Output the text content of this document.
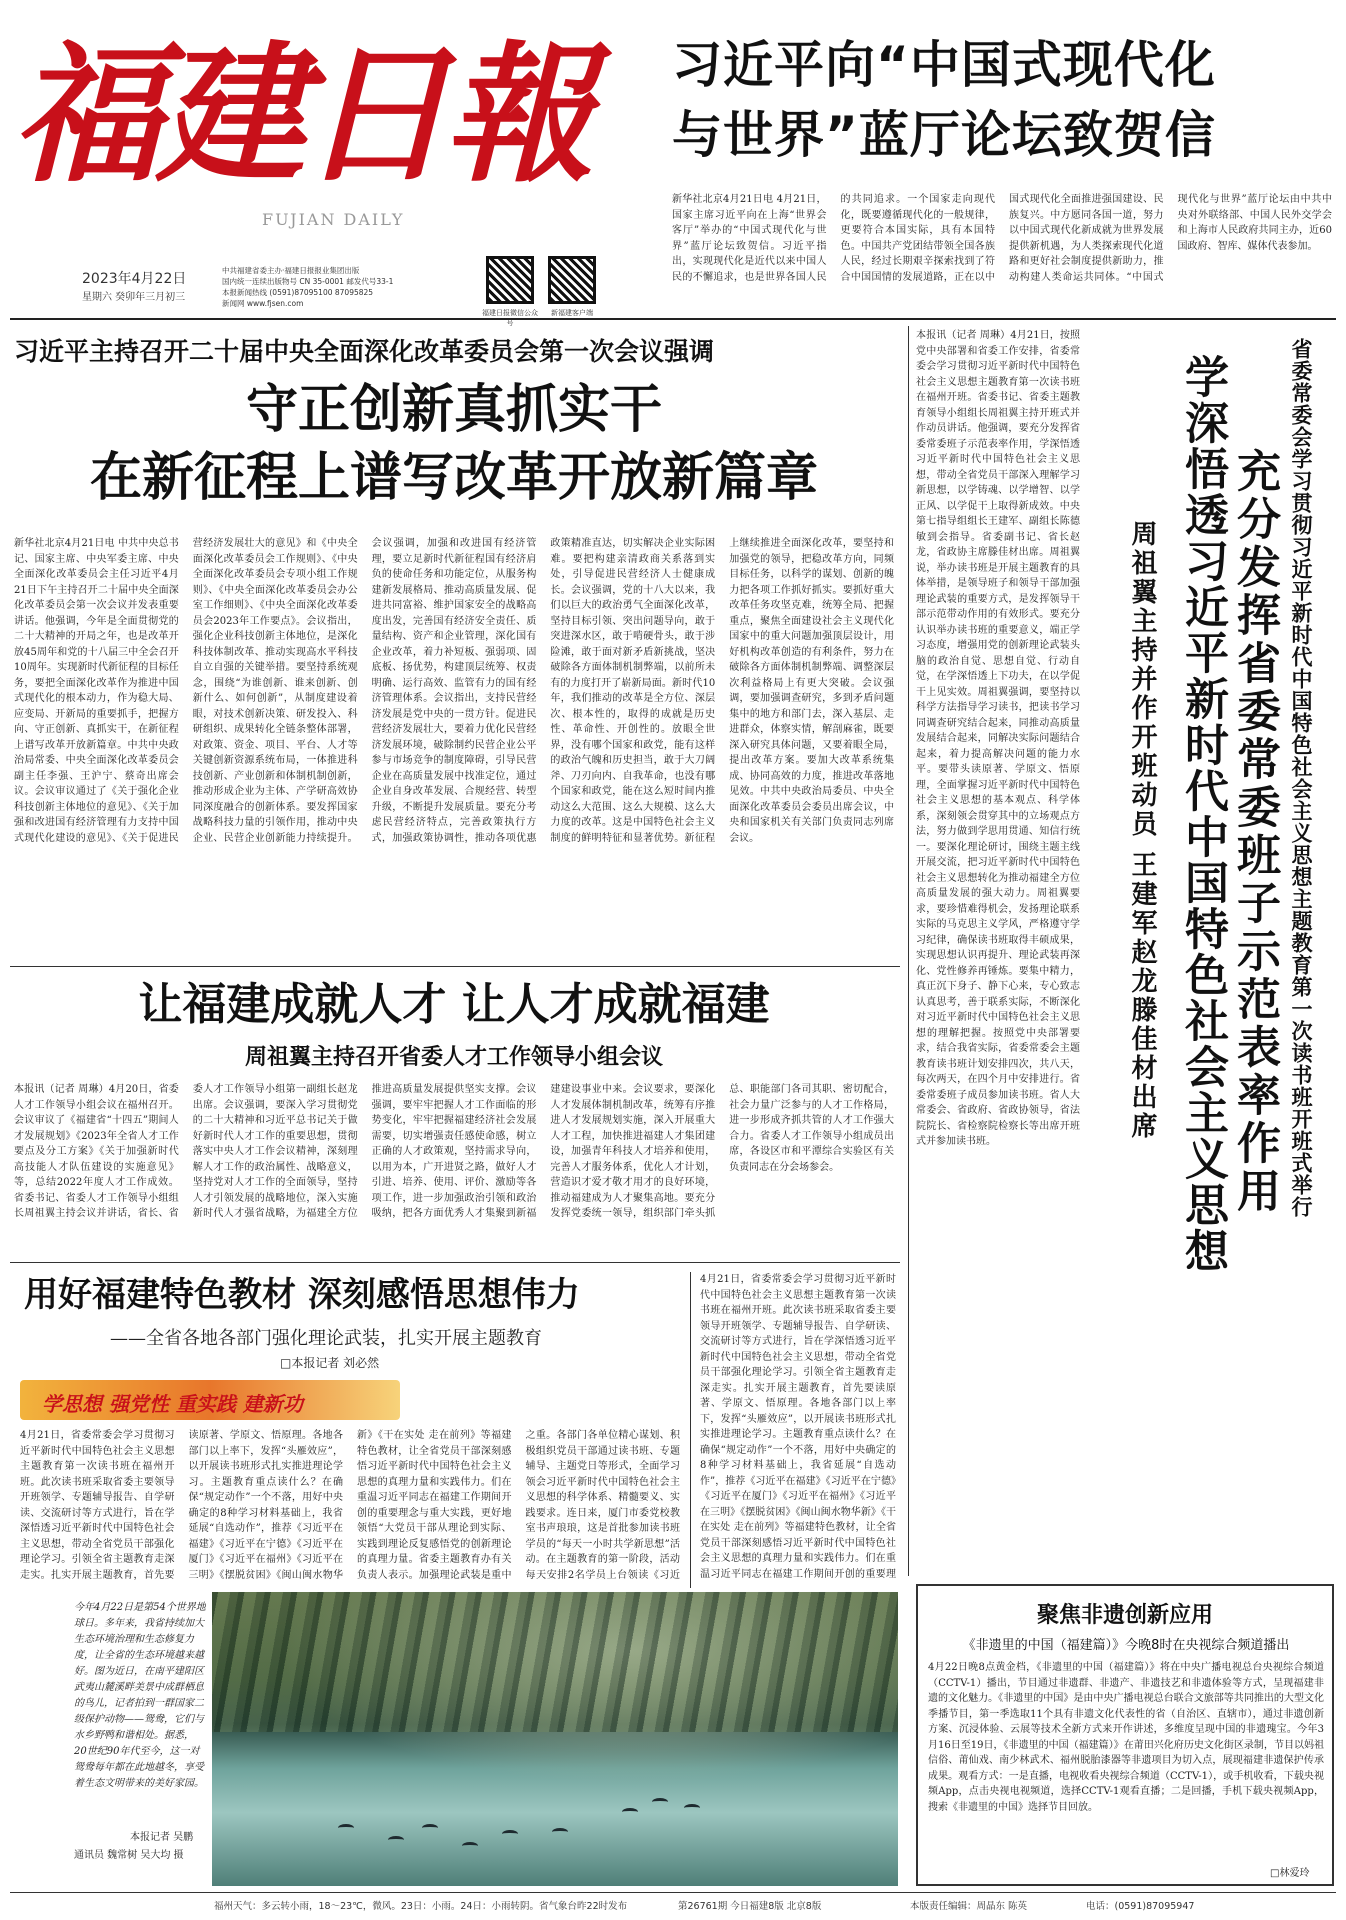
福建日報
FUJIAN DAILY
2023年4月22日
星期六 癸卯年三月初三
中共福建省委主办·福建日报报业集团出版
国内统一连续出版物号 CN 35-0001 邮发代号33-1
本报新闻热线 (0591)87095100 87095825
新闻网 www.fjsen.com
福建日报微信公众号
新福建客户端
习近平向“中国式现代化
与世界”蓝厅论坛致贺信
新华社北京4月21日电 4月21日，国家主席习近平向在上海“世界会客厅”举办的“中国式现代化与世界”蓝厅论坛致贺信。习近平指出，实现现代化是近代以来中国人民的不懈追求，也是世界各国人民的共同追求。一个国家走向现代化，既要遵循现代化的一般规律，更要符合本国实际，具有本国特色。中国共产党团结带领全国各族人民，经过长期艰辛探索找到了符合中国国情的发展道路，正在以中国式现代化全面推进强国建设、民族复兴。中方愿同各国一道，努力以中国式现代化新成就为世界发展提供新机遇，为人类探索现代化道路和更好社会制度提供新助力，推动构建人类命运共同体。“中国式现代化与世界”蓝厅论坛由中共中央对外联络部、中国人民外交学会和上海市人民政府共同主办，近60国政府、智库、媒体代表参加。
习近平主持召开二十届中央全面深化改革委员会第一次会议强调
守正创新真抓实干
在新征程上谱写改革开放新篇章
新华社北京4月21日电 中共中央总书记、国家主席、中央军委主席、中央全面深化改革委员会主任习近平4月21日下午主持召开二十届中央全面深化改革委员会第一次会议并发表重要讲话。他强调，今年是全面贯彻党的二十大精神的开局之年，也是改革开放45周年和党的十八届三中全会召开10周年。实现新时代新征程的目标任务，要把全面深化改革作为推进中国式现代化的根本动力，作为稳大局、应变局、开新局的重要抓手，把握方向、守正创新、真抓实干，在新征程上谱写改革开放新篇章。中共中央政治局常委、中央全面深化改革委员会副主任李强、王沪宁、蔡奇出席会议。会议审议通过了《关于强化企业科技创新主体地位的意见》、《关于加强和改进国有经济管理有力支持中国式现代化建设的意见》、《关于促进民营经济发展壮大的意见》和《中央全面深化改革委员会工作规则》、《中央全面深化改革委员会专项小组工作规则》、《中央全面深化改革委员会办公室工作细则》、《中央全面深化改革委员会2023年工作要点》。会议指出，强化企业科技创新主体地位，是深化科技体制改革、推动实现高水平科技自立自强的关键举措。要坚持系统观念，围绕“为谁创新、谁来创新、创新什么、如何创新”，从制度建设着眼，对技术创新决策、研发投入、科研组织、成果转化全链条整体部署，对政策、资金、项目、平台、人才等关键创新资源系统布局，一体推进科技创新、产业创新和体制机制创新，推动形成企业为主体、产学研高效协同深度融合的创新体系。要发挥国家战略科技力量的引领作用，推动中央企业、民营企业创新能力持续提升。会议强调，加强和改进国有经济管理，要立足新时代新征程国有经济肩负的使命任务和功能定位，从服务构建新发展格局、推动高质量发展、促进共同富裕、维护国家安全的战略高度出发，完善国有经济安全责任、质量结构、资产和企业管理，深化国有企业改革，着力补短板、强弱项、固底板、扬优势，构建顶层统筹、权责明确、运行高效、监管有力的国有经济管理体系。会议指出，支持民营经济发展是党中央的一贯方针。促进民营经济发展壮大，要着力优化民营经济发展环境，破除制约民营企业公平参与市场竞争的制度障碍，引导民营企业在高质量发展中找准定位，通过企业自身改革发展、合规经营、转型升级，不断提升发展质量。要充分考虑民营经济特点，完善政策执行方式，加强政策协调性，推动各项优惠政策精准直达，切实解决企业实际困难。要把构建亲清政商关系落到实处，引导促进民营经济人士健康成长。会议强调，党的十八大以来，我们以巨大的政治勇气全面深化改革，坚持目标引领、突出问题导向，敢于突进深水区，敢于啃硬骨头，敢于涉险滩，敢于面对新矛盾新挑战，坚决破除各方面体制机制弊端，以前所未有的力度打开了崭新局面。新时代10年，我们推动的改革是全方位、深层次、根本性的，取得的成就是历史性、革命性、开创性的。放眼全世界，没有哪个国家和政党，能有这样的政治气魄和历史担当，敢于大刀阔斧、刀刃向内、自我革命，也没有哪个国家和政党，能在这么短时间内推动这么大范围、这么大规模、这么大力度的改革。这是中国特色社会主义制度的鲜明特征和显著优势。新征程上继续推进全面深化改革，要坚持和加强党的领导，把稳改革方向，同频目标任务，以科学的谋划、创新的魄力把各项工作抓好抓实。要抓好重大改革任务攻坚克难，统筹全局、把握重点，聚焦全面建设社会主义现代化国家中的重大问题加强顶层设计，用好机构改革创造的有利条件，努力在破除各方面体制机制弊端、调整深层次利益格局上有更大突破。会议强调，要加强调查研究，多到矛盾问题集中的地方和部门去，深入基层、走进群众，体察实情，解剖麻雀，既要深入研究具体问题，又要着眼全局，提出改革方案。要加大改革系统集成、协同高效的力度，推进改革落地见效。中共中央政治局委员、中央全面深化改革委员会委员出席会议，中央和国家机关有关部门负责同志列席会议。
让福建成就人才 让人才成就福建
周祖翼主持召开省委人才工作领导小组会议
本报讯（记者 周琳）4月20日，省委人才工作领导小组会议在福州召开。会议审议了《福建省“十四五”期间人才发展规划》《2023年全省人才工作要点及分工方案》《关于加强新时代高技能人才队伍建设的实施意见》等，总结2022年度人才工作成效。省委书记、省委人才工作领导小组组长周祖翼主持会议并讲话，省长、省委人才工作领导小组第一副组长赵龙出席。会议强调，要深入学习贯彻党的二十大精神和习近平总书记关于做好新时代人才工作的重要思想，贯彻落实中央人才工作会议精神，深刻理解人才工作的政治属性、战略意义，坚持党对人才工作的全面领导，坚持人才引领发展的战略地位，深入实施新时代人才强省战略，为福建全方位推进高质量发展提供坚实支撑。会议强调，要牢牢把握人才工作面临的形势变化，牢牢把握福建经济社会发展需要，切实增强责任感使命感，树立正确的人才政策观，坚持需求导向，以用为本，广开进贤之路，做好人才引进、培养、使用、评价、激励等各项工作，进一步加强政治引领和政治吸纳，把各方面优秀人才集聚到新福建建设事业中来。会议要求，要深化人才发展体制机制改革，统筹有序推进人才发展规划实施，深入开展重大人才工程，加快推进福建人才集团建设，加强青年科技人才培养和使用，完善人才服务体系，优化人才计划，营造识才爱才敬才用才的良好环境，推动福建成为人才聚集高地。要充分发挥党委统一领导，组织部门牵头抓总、职能部门各司其职、密切配合，社会力量广泛参与的人才工作格局，进一步形成齐抓共管的人才工作强大合力。省委人才工作领导小组成员出席，各设区市和平潭综合实验区有关负责同志在分会场参会。
用好福建特色教材 深刻感悟思想伟力
——全省各地各部门强化理论武装，扎实开展主题教育
□本报记者 刘必然
学思想 强党性 重实践 建新功
4月21日，省委常委会学习贯彻习近平新时代中国特色社会主义思想主题教育第一次读书班在福州开班。此次读书班采取省委主要领导开班领学、专题辅导报告、自学研读、交流研讨等方式进行，旨在学深悟透习近平新时代中国特色社会主义思想，带动全省党员干部强化理论学习。引领全省主题教育走深走实。扎实开展主题教育，首先要读原著、学原文、悟原理。各地各部门以上率下，发挥“头雁效应”，以开展读书班形式扎实推进理论学习。主题教育重点读什么？在确保“规定动作”一个不落，用好中央确定的8种学习材料基础上，我省延展“自选动作”，推荐《习近平在福建》《习近平在宁德》《习近平在厦门》《习近平在福州》《习近平在三明》《摆脱贫困》《闽山闽水物华新》《干在实处 走在前列》等福建特色教材，让全省党员干部深刻感悟习近平新时代中国特色社会主义思想的真理力量和实践伟力。们在重温习近平同志在福建工作期间开创的重要理念与重大实践，更好地领悟“大党员干部从理论到实际、实践到理论反复感悟党的创新理论的真理力量。省委主题教育办有关负责人表示。加强理论武装是重中之重。各部门各单位精心谋划、积极组织党员干部通过读书班、专题辅导、主题党日等形式，全面学习领会习近平新时代中国特色社会主义思想的科学体系、精髓要义、实践要求。连日来，厦门市委党校教室书声琅琅，这是首批参加读书班学员的“每天一小时共学新思想”活动。在主题教育的第一阶段，活动每天安排2名学员上台领读《习近
4月21日，省委常委会学习贯彻习近平新时代中国特色社会主义思想主题教育第一次读书班在福州开班。此次读书班采取省委主要领导开班领学、专题辅导报告、自学研读、交流研讨等方式进行，旨在学深悟透习近平新时代中国特色社会主义思想，带动全省党员干部强化理论学习。引领全省主题教育走深走实。扎实开展主题教育，首先要读原著、学原文、悟原理。各地各部门以上率下，发挥“头雁效应”，以开展读书班形式扎实推进理论学习。主题教育重点读什么？在确保“规定动作”一个不落，用好中央确定的8种学习材料基础上，我省延展“自选动作”，推荐《习近平在福建》《习近平在宁德》《习近平在厦门》《习近平在福州》《习近平在三明》《摆脱贫困》《闽山闽水物华新》《干在实处 走在前列》等福建特色教材，让全省党员干部深刻感悟习近平新时代中国特色社会主义思想的真理力量和实践伟力。们在重温习近平同志在福建工作期间开创的重要理
今年4月22日是第54个世界地球日。多年来，我省持续加大生态环境治理和生态修复力度，让全省的生态环境越来越好。图为近日，在南平建阳区武夷山麓溪畔美景中成群栖息的鸟儿，记者拍到一群国家二级保护动物——鸳鸯，它们与水乡野鸭和谐相处。据悉，20世纪90年代至今，这一对鸳鸯每年都在此地越冬，享受着生态文明带来的美好家园。
本报记者 吴鹏
通讯员 魏常树 吴大均 摄
本报讯（记者 周琳）4月21日，按照党中央部署和省委工作安排，省委常委会学习贯彻习近平新时代中国特色社会主义思想主题教育第一次读书班在福州开班。省委书记、省委主题教育领导小组组长周祖翼主持开班式并作动员讲话。他强调，要充分发挥省委常委班子示范表率作用，学深悟透习近平新时代中国特色社会主义思想，带动全省党员干部深入理解学习新思想，以学铸魂、以学增智、以学正风、以学促干上取得新成效。中央第七指导组组长王建军、副组长陈德敏到会指导。省委副书记、省长赵龙，省政协主席滕佳材出席。周祖翼说，举办读书班是开展主题教育的具体举措，是领导班子和领导干部加强理论武装的重要方式，是发挥领导干部示范带动作用的有效形式。要充分认识举办读书班的重要意义，端正学习态度，增强用党的创新理论武装头脑的政治自觉、思想自觉、行动自觉，在学深悟透上下功夫，在以学促干上见实效。周祖翼强调，要坚持以科学方法指导学习读书，把读书学习同调查研究结合起来，同推动高质量发展结合起来，同解决实际问题结合起来，着力提高解决问题的能力水平。要带头读原著、学原文、悟原理，全面掌握习近平新时代中国特色社会主义思想的基本观点、科学体系，深刻领会贯穿其中的立场观点方法，努力做到学思用贯通、知信行统一。要深化理论研讨，围绕主题主线开展交流，把习近平新时代中国特色社会主义思想转化为推动福建全方位高质量发展的强大动力。周祖翼要求，要珍惜难得机会，发扬理论联系实际的马克思主义学风，严格遵守学习纪律，确保读书班取得丰硕成果，实现思想认识再提升、理论武装再深化、党性修养再锤炼。要集中精力，真正沉下身子、静下心来，专心致志认真思考，善于联系实际，不断深化对习近平新时代中国特色社会主义思想的理解把握。按照党中央部署要求，结合我省实际，省委常委会主题教育读书班计划安排四次，共八天，每次两天，在四个月中安排进行。省委常委班子成员参加读书班。省人大常委会、省政府、省政协领导，省法院院长、省检察院检察长等出席开班式并参加读书班。	省委常委会学习贯彻习近平新时代中国特色社会主义思想主题教育第一次读书班开班式举行
充分发挥省委常委班子示范表率作用
学深悟透习近平新时代中国特色社会主义思想
周祖翼主持并作开班动员 王建军赵龙滕佳材出席
聚焦非遗创新应用
《非遗里的中国（福建篇）》今晚8时在央视综合频道播出
4月22日晚8点黄金档，《非遗里的中国（福建篇）》将在中央广播电视总台央视综合频道（CCTV-1）播出，节目通过非遗群、非遗产、非遗技艺和非遗体验等方式，呈现福建非遗的文化魅力。《非遗里的中国》是由中央广播电视总台联合文旅部等共同推出的大型文化季播节目，第一季选取11个具有非遗文化代表性的省（自治区、直辖市），通过非遗创新方案、沉浸体验、云展等技术全新方式来开作讲述，多维度呈现中国的非遗瑰宝。今年3月16日至19日，《非遗里的中国（福建篇）》在莆田兴化府历史文化街区录制，节目以妈祖信俗、莆仙戏、南少林武术、福州脱胎漆器等非遗项目为切入点，展现福建非遗保护传承成果。观看方式：一是直播，电视收看央视综合频道（CCTV-1），或手机收看，下载央视频App，点击央视电视频道，选择CCTV-1观看直播；二是回播，手机下载央视频App，搜索《非遗里的中国》选择节目回放。
□林爱玲
福州天气：多云转小雨，18～23℃，微风。23日：小雨。24日：小雨转阴。省气象台昨22时发布	第26761期 今日福建8版 北京8版	本版责任编辑：周晶东 陈英	电话：(0591)87095947
